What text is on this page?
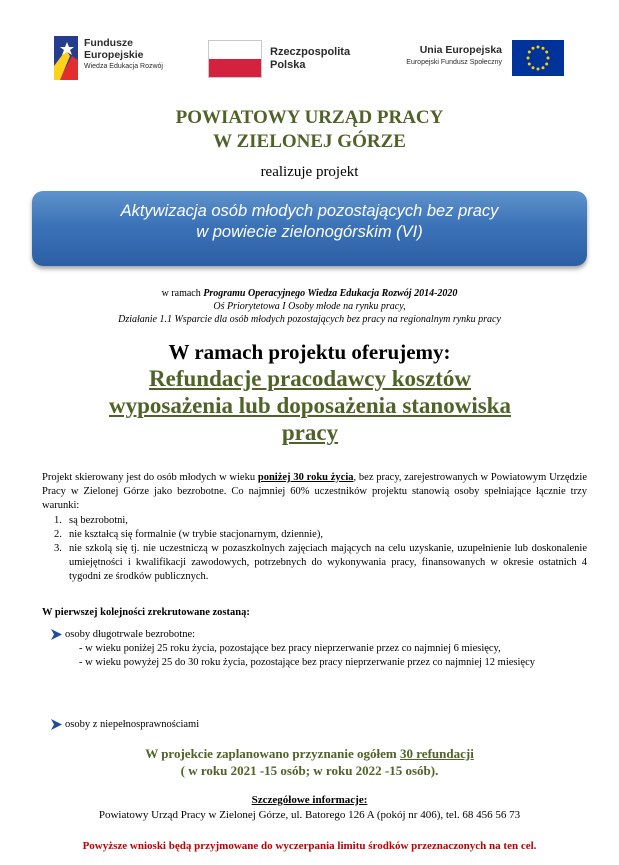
Fundusze
Europejskie
Wiedza Edukacja Rozwój
Rzeczpospolita
Polska
Unia Europejska
Europejski Fundusz Społeczny
POWIATOWY URZĄD PRACY
W ZIELONEJ GÓRZE
realizuje projekt
Aktywizacja osób młodych pozostających bez pracy
w powiecie zielonogórskim (VI)
w ramach Programu Operacyjnego Wiedza Edukacja Rozwój 2014-2020
Oś Priorytetowa I Osoby młode na rynku pracy,
Działanie 1.1 Wsparcie dla osób młodych pozostających bez pracy na regionalnym rynku pracy
W ramach projektu oferujemy:
Refundacje pracodawcy kosztów
wyposażenia lub doposażenia stanowiska
pracy
Projekt skierowany jest do osób młodych w wieku poniżej 30 roku życia, bez pracy, zarejestrowanych w Powiatowym Urzędzie Pracy w Zielonej Górze jako bezrobotne. Co najmniej 60% uczestników projektu stanowią osoby spełniające łącznie trzy warunki:
1. są bezrobotni,
2. nie kształcą się formalnie (w trybie stacjonarnym, dziennie),
3. nie szkolą się tj. nie uczestniczą w pozaszkolnych zajęciach mających na celu uzyskanie, uzupełnienie lub doskonalenie umiejętności i kwalifikacji zawodowych, potrzebnych do wykonywania pracy, finansowanych w okresie ostatnich 4 tygodni ze środków publicznych.
W pierwszej kolejności zrekrutowane zostaną:
osoby długotrwale bezrobotne:
- w wieku poniżej 25 roku życia, pozostające bez pracy nieprzerwanie przez co najmniej 6 miesięcy,
- w wieku powyżej 25 do 30 roku życia, pozostające bez pracy nieprzerwanie przez co najmniej 12 miesięcy
osoby z niepełnosprawnościami
W projekcie zaplanowano przyznanie ogółem 30 refundacji
( w roku 2021 -15 osób; w roku 2022 -15 osób).
Szczegółowe informacje:
Powiatowy Urząd Pracy w Zielonej Górze, ul. Batorego 126 A (pokój nr 406), tel. 68 456 56 73
Powyższe wnioski będą przyjmowane do wyczerpania limitu środków przeznaczonych na ten cel.
